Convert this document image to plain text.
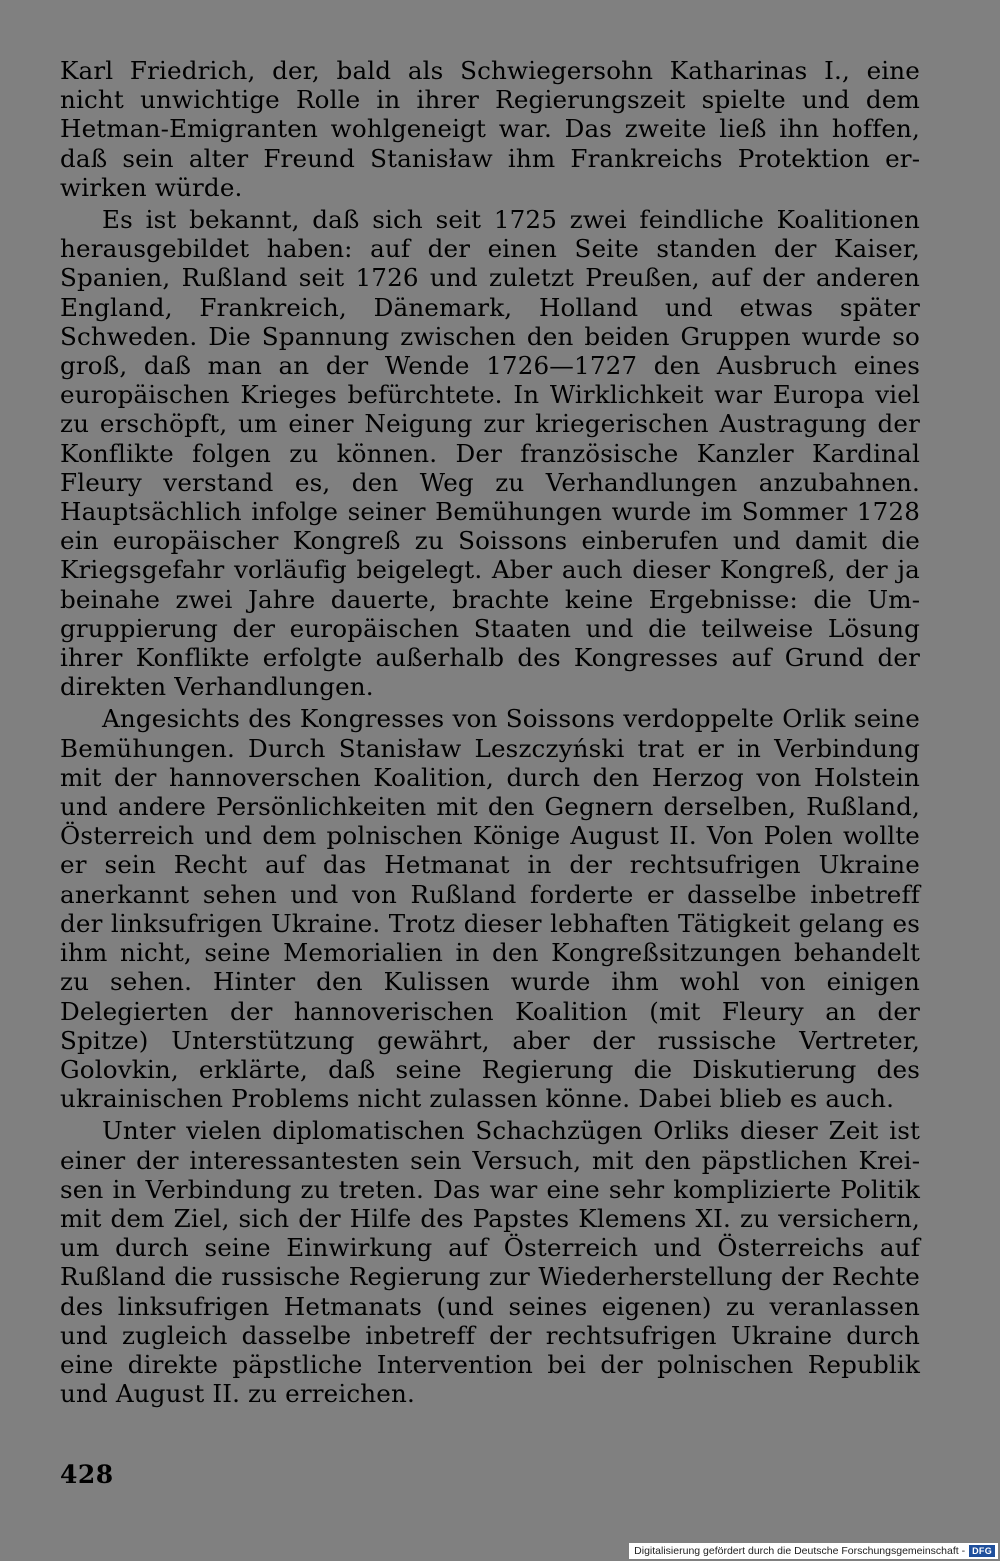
Karl Friedrich, der, bald als Schwiegersohn Katharinas I., eine nicht unwichtige Rolle in ihrer Regierungszeit spielte und dem Hetman-Emigranten wohlgeneigt war. Das zweite ließ ihn hoffen, daß sein alter Freund Stanisław ihm Frankreichs Protektion erwirken würde.

Es ist bekannt, daß sich seit 1725 zwei feindliche Koalitionen herausgebildet haben: auf der einen Seite standen der Kaiser, Spanien, Rußland seit 1726 und zuletzt Preußen, auf der anderen England, Frankreich, Dänemark, Holland und etwas später Schweden. Die Spannung zwischen den beiden Gruppen wurde so groß, daß man an der Wende 1726—1727 den Ausbruch eines europäischen Krieges befürchtete. In Wirklichkeit war Europa viel zu erschöpft, um einer Neigung zur kriegerischen Austragung der Konflikte folgen zu können. Der französische Kanzler Kardinal Fleury verstand es, den Weg zu Verhandlungen anzubahnen. Hauptsächlich infolge seiner Bemühungen wurde im Sommer 1728 ein europäischer Kongreß zu Soissons einberufen und damit die Kriegsgefahr vorläufig beigelegt. Aber auch dieser Kongreß, der ja beinahe zwei Jahre dauerte, brachte keine Ergebnisse: die Umgruppierung der europäischen Staaten und die teilweise Lösung ihrer Konflikte erfolgte außerhalb des Kongresses auf Grund der direkten Verhandlungen.

Angesichts des Kongresses von Soissons verdoppelte Orlik seine Bemühungen. Durch Stanisław Leszczyński trat er in Verbindung mit der hannoverschen Koalition, durch den Herzog von Holstein und andere Persönlichkeiten mit den Gegnern derselben, Rußland, Österreich und dem polnischen Könige August II. Von Polen wollte er sein Recht auf das Hetmanat in der rechtsufrigen Ukraine anerkannt sehen und von Rußland forderte er dasselbe inbetreff der linksufrigen Ukraine. Trotz dieser lebhaften Tätigkeit gelang es ihm nicht, seine Memorialien in den Kongreßsitzungen behandelt zu sehen. Hinter den Kulissen wurde ihm wohl von einigen Delegierten der hannoverischen Koalition (mit Fleury an der Spitze) Unterstützung gewährt, aber der russische Vertreter, Golovkin, erklärte, daß seine Regierung die Diskutierung des ukrainischen Problems nicht zulassen könne. Dabei blieb es auch.

Unter vielen diplomatischen Schachzügen Orliks dieser Zeit ist einer der interessantesten sein Versuch, mit den päpstlichen Kreisen in Verbindung zu treten. Das war eine sehr komplizierte Politik mit dem Ziel, sich der Hilfe des Papstes Klemens XI. zu versichern, um durch seine Einwirkung auf Österreich und Österreichs auf Rußland die russische Regierung zur Wiederherstellung der Rechte des linksufrigen Hetmanats (und seines eigenen) zu veranlassen und zugleich dasselbe inbetreff der rechtsufrigen Ukraine durch eine direkte päpstliche Intervention bei der polnischen Republik und August II. zu erreichen.

428
Digitalisierung gefördert durch die Deutsche Forschungsgemeinschaft - DFG
